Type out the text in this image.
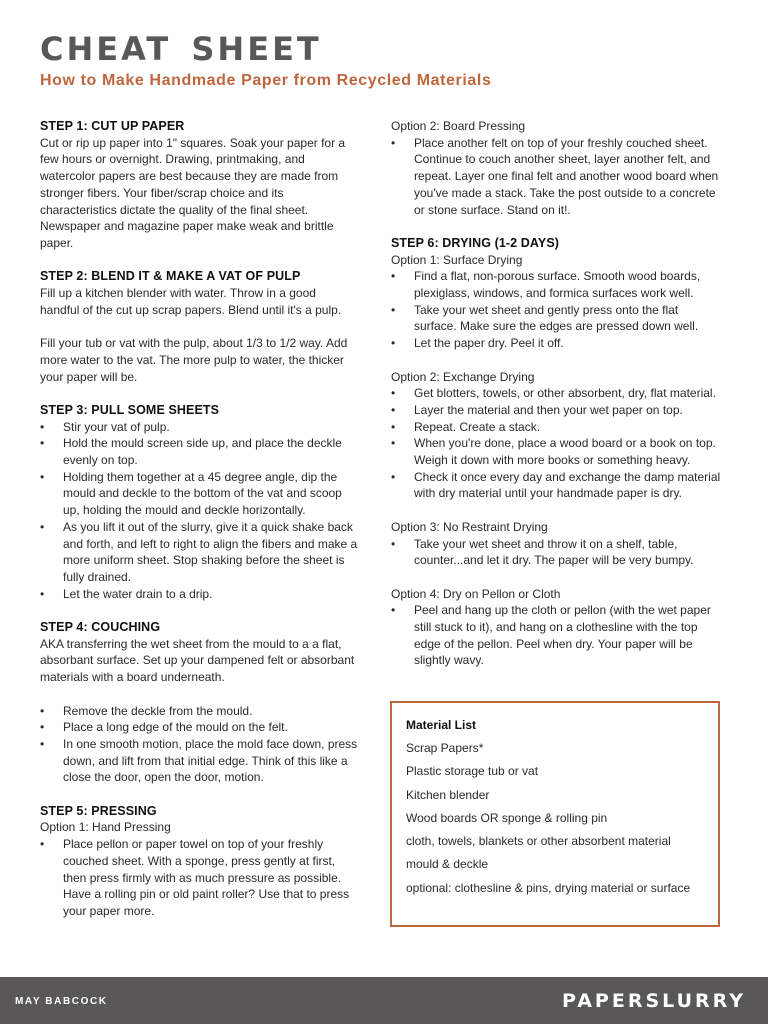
CHEAT SHEET
How to Make Handmade Paper from Recycled Materials
STEP 1: CUT UP PAPER

Cut or rip up paper into 1" squares. Soak your paper for a few hours or overnight. Drawing, printmaking, and watercolor papers are best because they are made from stronger fibers. Your fiber/scrap choice and its characteristics dictate the quality of the final sheet. Newspaper and magazine paper make weak and brittle paper.

STEP 2: BLEND IT & MAKE A VAT OF PULP

Fill up a kitchen blender with water. Throw in a good handful of the cut up scrap papers. Blend until it's a pulp.

Fill your tub or vat with the pulp, about 1/3 to 1/2 way. Add more water to the vat. The more pulp to water, the thicker your paper will be.

STEP 3: PULL SOME SHEETS
• Stir your vat of pulp.
• Hold the mould screen side up, and place the deckle evenly on top.
• Holding them together at a 45 degree angle, dip the mould and deckle to the bottom of the vat and scoop up, holding the mould and deckle horizontally.
• As you lift it out of the slurry, give it a quick shake back and forth, and left to right to align the fibers and make a more uniform sheet. Stop shaking before the sheet is fully drained.
• Let the water drain to a drip.
STEP 4: COUCHING

AKA transferring the wet sheet from the mould to a a flat, absorbant surface. Set up your dampened felt or absorbant materials with a board underneath.

• Remove the deckle from the mould.
• Place a long edge of the mould on the felt.
• In one smooth motion, place the mold face down, press down, and lift from that initial edge. Think of this like a close the door, open the door, motion.
STEP 5: PRESSING

Option 1: Hand Pressing

• Place pellon or paper towel on top of your freshly couched sheet. With a sponge, press gently at first, then press firmly with as much pressure as possible. Have a rolling pin or old paint roller? Use that to press your paper more.

Option 2: Board Pressing

• Place another felt on top of your freshly couched sheet. Continue to couch another sheet, layer another felt, and repeat. Layer one final felt and another wood board when you've made a stack. Take the post outside to a concrete or stone surface. Stand on it!.
STEP 6: DRYING (1-2 DAYS)

Option 1: Surface Drying

• Find a flat, non-porous surface. Smooth wood boards, plexiglass, windows, and formica surfaces work well.
• Take your wet sheet and gently press onto the flat surface. Make sure the edges are pressed down well.
• Let the paper dry. Peel it off.

Option 2: Exchange Drying

• Get blotters, towels, or other absorbent, dry, flat material.
• Layer the material and then your wet paper on top.
• Repeat. Create a stack.
• When you're done, place a wood board or a book on top. Weigh it down with more books or something heavy.
• Check it once every day and exchange the damp material with dry material until your handmade paper is dry.

Option 3: No Restraint Drying

• Take your wet sheet and throw it on a shelf, table, counter...and let it dry. The paper will be very bumpy.

Option 4: Dry on Pellon or Cloth

• Peel and hang up the cloth or pellon (with the wet paper still stuck to it), and hang on a clothesline with the top edge of the pellon. Peel when dry. Your paper will be slightly wavy.

Material List

Scrap Papers*
Plastic storage tub or vat
Kitchen blender
Wood boards OR sponge & rolling pin
cloth, towels, blankets or other absorbent material
mould & deckle
optional: clothesline & pins, drying material or surface
MAY BABCOCK	PAPERSLURRY
